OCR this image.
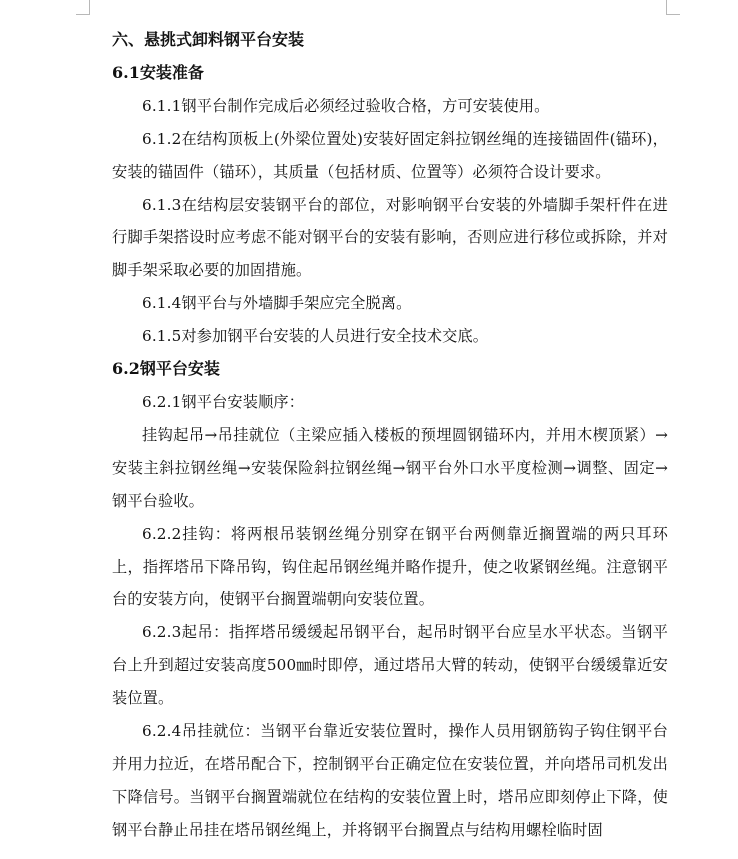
六、悬挑式卸料钢平台安装

6.1安装准备

6.1.1钢平台制作完成后必须经过验收合格，方可安装使用。

6.1.2在结构顶板上(外梁位置处)安装好固定斜拉钢丝绳的连接锚固件(锚环)，安装的锚固件（锚环），其质量（包括材质、位置等）必须符合设计要求。

6.1.3在结构层安装钢平台的部位，对影响钢平台安装的外墙脚手架杆件在进行脚手架搭设时应考虑不能对钢平台的安装有影响，否则应进行移位或拆除，并对脚手架采取必要的加固措施。

6.1.4钢平台与外墙脚手架应完全脱离。

6.1.5对参加钢平台安装的人员进行安全技术交底。

6.2钢平台安装

6.2.1钢平台安装顺序：

挂钩起吊→吊挂就位（主梁应插入楼板的预埋圆钢锚环内，并用木楔顶紧）→安装主斜拉钢丝绳→安装保险斜拉钢丝绳→钢平台外口水平度检测→调整、固定→钢平台验收。

6.2.2挂钩：将两根吊装钢丝绳分别穿在钢平台两侧靠近搁置端的两只耳环上，指挥塔吊下降吊钩，钩住起吊钢丝绳并略作提升，使之收紧钢丝绳。注意钢平台的安装方向，使钢平台搁置端朝向安装位置。

6.2.3起吊：指挥塔吊缓缓起吊钢平台，起吊时钢平台应呈水平状态。当钢平台上升到超过安装高度500㎜时即停，通过塔吊大臂的转动，使钢平台缓缓靠近安装位置。

6.2.4吊挂就位：当钢平台靠近安装位置时，操作人员用钢筋钩子钩住钢平台并用力拉近，在塔吊配合下，控制钢平台正确定位在安装位置，并向塔吊司机发出下降信号。当钢平台搁置端就位在结构的安装位置上时，塔吊应即刻停止下降，使钢平台静止吊挂在塔吊钢丝绳上，并将钢平台搁置点与结构用螺栓临时固
